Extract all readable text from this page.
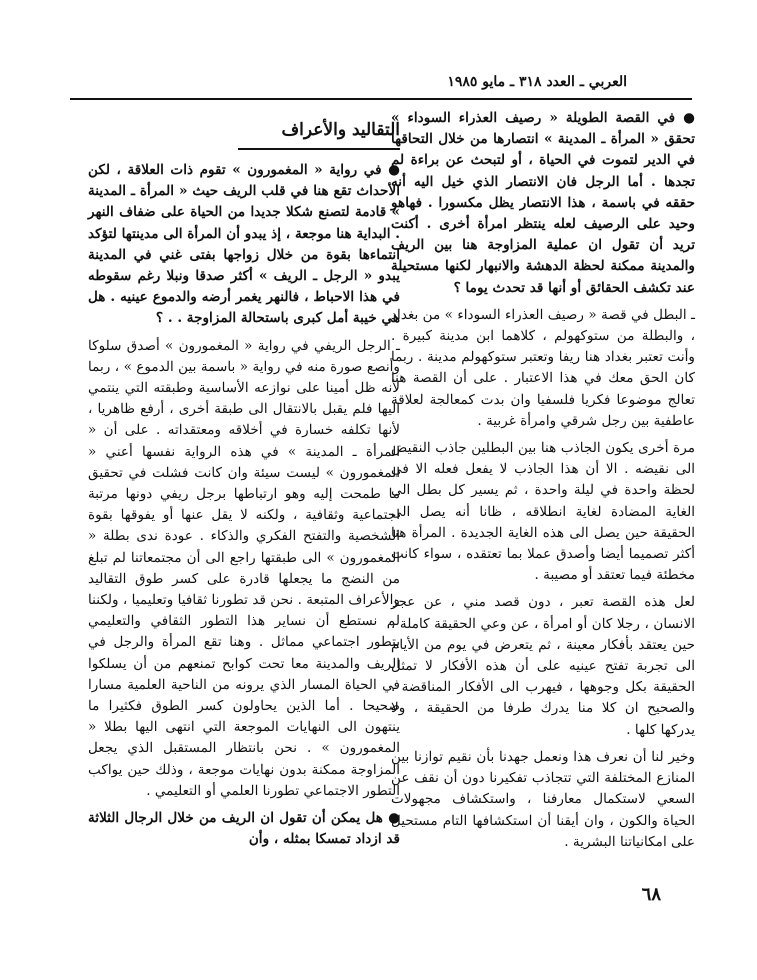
العربي ـ العدد ٣١٨ ـ مايو ١٩٨٥

● في القصة الطويلة « رصيف العذراء السوداء » تحقق « المرأة ـ المدينة » انتصارها من خلال التحاقها في الدير لتموت في الحياة ، أو لتبحث عن براءة لم تجدها . أما الرجل فان الانتصار الذي خيل اليه أنه حققه في باسمة ، هذا الانتصار يظل مكسورا . فهاهو وحيد على الرصيف لعله ينتظر امرأة أخرى . أكنت تريد أن تقول ان عملية المزاوجة هنا بين الريف والمدينة ممكنة لحظة الدهشة والانبهار لكنها مستحيلة عند تكشف الحقائق أو أنها قد تحدث يوما ؟

ـ البطل في قصة « رصيف العذراء السوداء » من بغداد ، والبطلة من ستوكهولم ، كلاهما ابن مدينة كبيرة . وأنت تعتبر بغداد هنا ريفا وتعتبر ستوكهولم مدينة . ربما كان الحق معك في هذا الاعتبار . على أن القصة هنا تعالج موضوعا فكريا فلسفيا وان بدت كمعالجة لعلاقة عاطفية بين رجل شرقي وامرأة غربية .

مرة أخرى يكون الجاذب هنا بين البطلين جاذب النقيض الى نقيضه . الا أن هذا الجاذب لا يفعل فعله الا في لحظة واحدة في ليلة واحدة ، ثم يسير كل بطل الى الغاية المضادة لغاية انطلاقه ، ظانا أنه يصل الى الحقيقة حين يصل الى هذه الغاية الجديدة . المرأة هنا أكثر تصميما أيضا وأصدق عملا بما تعتقده ، سواء كانت مخطئة فيما تعتقد أو مصيبة .

لعل هذه القصة تعبر ، دون قصد مني ، عن عجز الانسان ، رجلا كان أو امرأة ، عن وعي الحقيقة كاملة ، حين يعتقد بأفكار معينة ، ثم يتعرض في يوم من الأيام الى تجربة تفتح عينيه على أن هذه الأفكار لا تمثل الحقيقة بكل وجوهها ، فيهرب الى الأفكار المناقضة . والصحيح ان كلا منا يدرك طرفا من الحقيقة ، ولا يدركها كلها .

وخير لنا أن نعرف هذا ونعمل جهدنا بأن نقيم توازنا بين المنازع المختلفة التي تتجاذب تفكيرنا دون أن نقف عن السعي لاستكمال معارفنا ، واستكشاف مجهولات الحياة والكون ، وان أيقنا أن استكشافها التام مستحيل على امكانياتنا البشرية .

التقاليد والأعراف

● في رواية « المغمورون » تقوم ذات العلاقة ، لكن الأحداث تقع هنا في قلب الريف حيث « المرأة ـ المدينة » قادمة لتصنع شكلا جديدا من الحياة على ضفاف النهر . البداية هنا موجعة ، إذ يبدو أن المرأة الى مدينتها لتؤكد انتماءها بقوة من خلال زواجها بفتى غني في المدينة يبدو « الرجل ـ الريف » أكثر صدقا ونبلا رغم سقوطه في هذا الاحباط ، فالنهر يغمر أرضه والدموع عينيه . هل هي خيبة أمل كبرى باستحالة المزاوجة . . ؟

ـ الرجل الريفي في رواية « المغمورون » أصدق سلوكا وأنصع صورة منه في رواية « باسمة بين الدموع » ، ربما لأنه ظل أمينا على نوازعه الأساسية وطبقته التي ينتمي اليها فلم يقبل بالانتقال الى طبقة أخرى ، أرفع ظاهريا ، لأنها تكلفه خسارة في أخلاقه ومعتقداته . على أن « المرأة ـ المدينة » في هذه الرواية نفسها أعني « المغمورون » ليست سيئة وان كانت فشلت في تحقيق ما طمحت إليه وهو ارتباطها برجل ريفي دونها مرتبة اجتماعية وثقافية ، ولكنه لا يقل عنها أو يفوقها بقوة الشخصية والتفتح الفكري والذكاء . عودة ندى بطلة « المغمورون » الى طبقتها راجع الى أن مجتمعاتنا لم تبلغ من النضج ما يجعلها قادرة على كسر طوق التقاليد والأعراف المتبعة . نحن قد تطورنا ثقافيا وتعليميا ، ولكننا لم نستطع أن نساير هذا التطور الثقافي والتعليمي بتطور اجتماعي مماثل . وهنا تقع المرأة والرجل في الريف والمدينة معا تحت كوابح تمنعهم من أن يسلكوا في الحياة المسار الذي يرونه من الناحية العلمية مسارا صحيحا . أما الذين يحاولون كسر الطوق فكثيرا ما ينتهون الى النهايات الموجعة التي انتهى اليها بطلا « المغمورون » . نحن بانتظار المستقبل الذي يجعل المزاوجة ممكنة بدون نهايات موجعة ، وذلك حين يواكب التطور الاجتماعي تطورنا العلمي أو التعليمي .

● هل يمكن أن تقول ان الريف من خلال الرجال الثلاثة قد ازداد تمسكا بمثله ، وأن

٦٨
